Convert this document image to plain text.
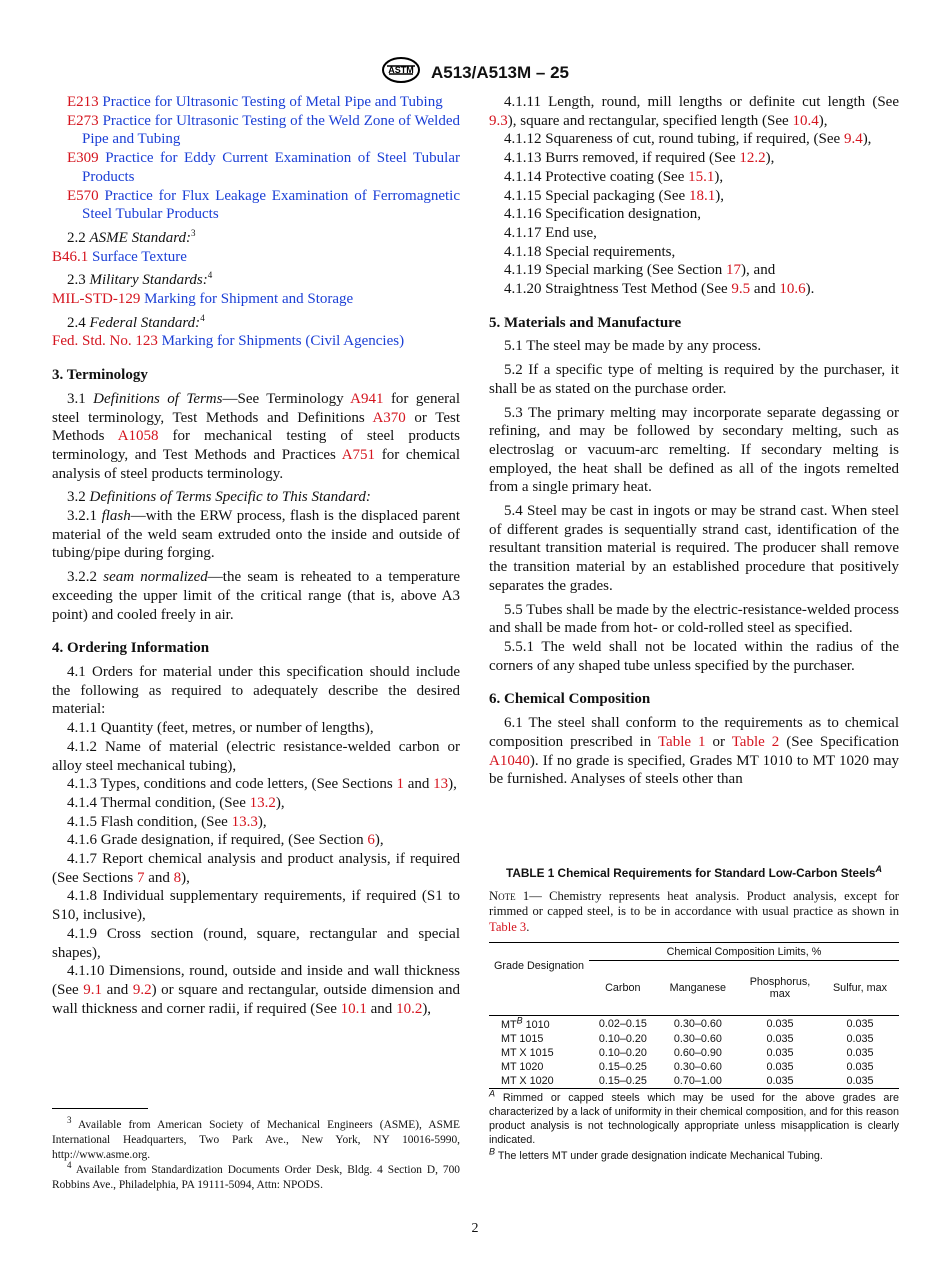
ASTM A513/A513M – 25

E213 Practice for Ultrasonic Testing of Metal Pipe and Tubing

E273 Practice for Ultrasonic Testing of the Weld Zone of Welded Pipe and Tubing

E309 Practice for Eddy Current Examination of Steel Tubular Products

E570 Practice for Flux Leakage Examination of Ferromagnetic Steel Tubular Products

2.2 ASME Standard:$^3$

B46.1 Surface Texture

2.3 Military Standards:$^4$

MIL-STD-129 Marking for Shipment and Storage

2.4 Federal Standard:$^4$

Fed. Std. No. 123 Marking for Shipments (Civil Agencies)

3. Terminology

3.1 Definitions of Terms—See Terminology A941 for general steel terminology, Test Methods and Definitions A370 or Test Methods A1058 for mechanical testing of steel products terminology, and Test Methods and Practices A751 for chemical analysis of steel products terminology.

3.2 Definitions of Terms Specific to This Standard:

3.2.1 flash—with the ERW process, flash is the displaced parent material of the weld seam extruded onto the inside and outside of tubing/pipe during forging.

3.2.2 seam normalized—the seam is reheated to a temperature exceeding the upper limit of the critical range (that is, above A3 point) and cooled freely in air.

4. Ordering Information

4.1 Orders for material under this specification should include the following as required to adequately describe the desired material:

4.1.1 Quantity (feet, metres, or number of lengths),

4.1.2 Name of material (electric resistance-welded carbon or alloy steel mechanical tubing),

4.1.3 Types, conditions and code letters, (See Sections 1 and 13),

4.1.4 Thermal condition, (See 13.2),

4.1.5 Flash condition, (See 13.3),

4.1.6 Grade designation, if required, (See Section 6),

4.1.7 Report chemical analysis and product analysis, if required (See Sections 7 and 8),

4.1.8 Individual supplementary requirements, if required (S1 to S10, inclusive),

4.1.9 Cross section (round, square, rectangular and special shapes),

4.1.10 Dimensions, round, outside and inside and wall thickness (See 9.1 and 9.2) or square and rectangular, outside dimension and wall thickness and corner radii, if required (See 10.1 and 10.2),

$^3$ Available from American Society of Mechanical Engineers (ASME), ASME International Headquarters, Two Park Ave., New York, NY 10016-5990, http://www.asme.org.

$^4$ Available from Standardization Documents Order Desk, Bldg. 4 Section D, 700 Robbins Ave., Philadelphia, PA 19111-5094, Attn: NPODS.

4.1.11 Length, round, mill lengths or definite cut length (See 9.3), square and rectangular, specified length (See 10.4),

4.1.12 Squareness of cut, round tubing, if required, (See 9.4),

4.1.13 Burrs removed, if required (See 12.2),

4.1.14 Protective coating (See 15.1),

4.1.15 Special packaging (See 18.1),

4.1.16 Specification designation,

4.1.17 End use,

4.1.18 Special requirements,

4.1.19 Special marking (See Section 17), and

4.1.20 Straightness Test Method (See 9.5 and 10.6).

5. Materials and Manufacture

5.1 The steel may be made by any process.

5.2 If a specific type of melting is required by the purchaser, it shall be as stated on the purchase order.

5.3 The primary melting may incorporate separate degassing or refining, and may be followed by secondary melting, such as electroslag or vacuum-arc remelting. If secondary melting is employed, the heat shall be defined as all of the ingots remelted from a single primary heat.

5.4 Steel may be cast in ingots or may be strand cast. When steel of different grades is sequentially strand cast, identification of the resultant transition material is required. The producer shall remove the transition material by an established procedure that positively separates the grades.

5.5 Tubes shall be made by the electric-resistance-welded process and shall be made from hot- or cold-rolled steel as specified.

5.5.1 The weld shall not be located within the radius of the corners of any shaped tube unless specified by the purchaser.

6. Chemical Composition

6.1 The steel shall conform to the requirements as to chemical composition prescribed in Table 1 or Table 2 (See Specification A1040). If no grade is specified, Grades MT 1010 to MT 1020 may be furnished. Analyses of steels other than

TABLE 1 Chemical Requirements for Standard Low-Carbon Steels$^A$

Note 1— Chemistry represents heat analysis. Product analysis, except for rimmed or capped steel, is to be in accordance with usual practice as shown in Table 3.

Grade Designation	Chemical Composition Limits, %			
	Carbon	Manganese	Phosphorus, max	Sulfur, max
$MT^B$ 1010	0.02–0.15	0.30–0.60	0.035	0.035
MT 1015	0.10–0.20	0.30–0.60	0.035	0.035
MT X 1015	0.10–0.20	0.60–0.90	0.035	0.035
MT 1020	0.15–0.25	0.30–0.60	0.035	0.035
MT X 1020	0.15–0.25	0.70–1.00	0.035	0.035

$^A$ Rimmed or capped steels which may be used for the above grades are characterized by a lack of uniformity in their chemical composition, and for this reason product analysis is not technologically appropriate unless misapplication is clearly indicated.

$^B$ The letters MT under grade designation indicate Mechanical Tubing.

2
